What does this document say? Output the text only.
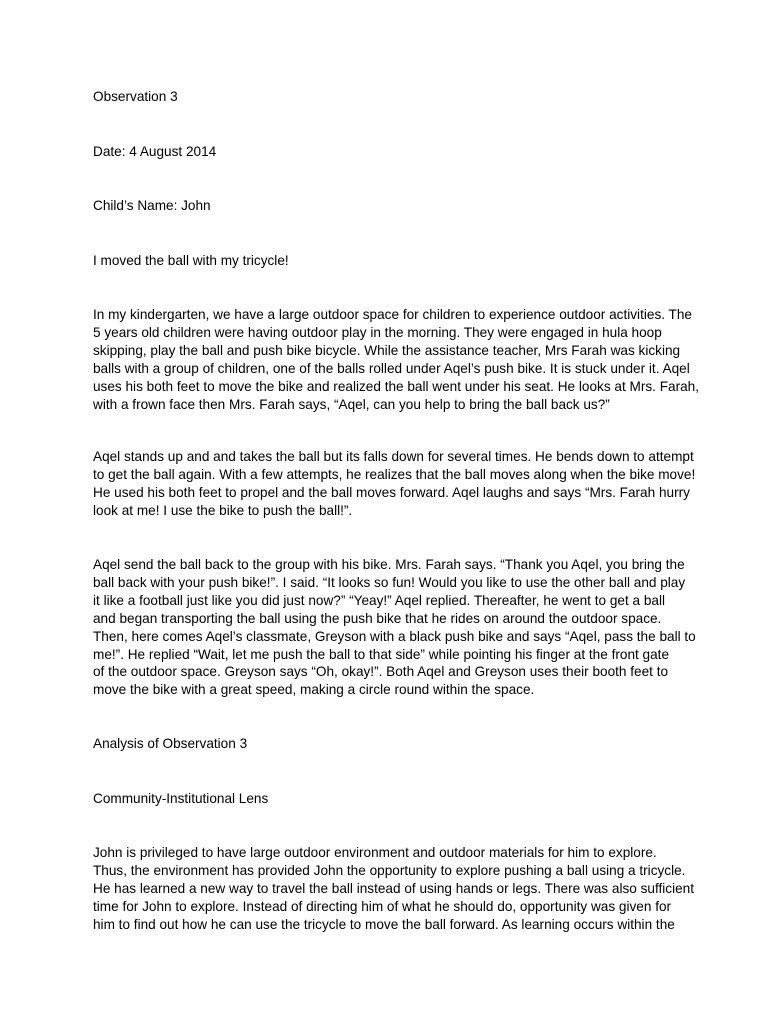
Observation 3

Date: 4 August 2014

Child’s Name: John

I moved the ball with my tricycle!

In my kindergarten, we have a large outdoor space for children to experience outdoor activities. The
5 years old children were having outdoor play in the morning. They were engaged in hula hoop
skipping, play the ball and push bike bicycle. While the assistance teacher, Mrs Farah was kicking
balls with a group of children, one of the balls rolled under Aqel’s push bike. It is stuck under it. Aqel
uses his both feet to move the bike and realized the ball went under his seat. He looks at Mrs. Farah,
with a frown face then Mrs. Farah says, “Aqel, can you help to bring the ball back us?”
Aqel stands up and and takes the ball but its falls down for several times. He bends down to attempt
to get the ball again. With a few attempts, he realizes that the ball moves along when the bike move!
He used his both feet to propel and the ball moves forward. Aqel laughs and says “Mrs. Farah hurry
look at me! I use the bike to push the ball!”.
Aqel send the ball back to the group with his bike. Mrs. Farah says. “Thank you Aqel, you bring the
ball back with your push bike!”. I said. “It looks so fun! Would you like to use the other ball and play
it like a football just like you did just now?” “Yeay!” Aqel replied. Thereafter, he went to get a ball
and began transporting the ball using the push bike that he rides on around the outdoor space.
Then, here comes Aqel’s classmate, Greyson with a black push bike and says “Aqel, pass the ball to
me!”. He replied “Wait, let me push the ball to that side” while pointing his finger at the front gate
of the outdoor space. Greyson says “Oh, okay!”. Both Aqel and Greyson uses their booth feet to
move the bike with a great speed, making a circle round within the space.

Analysis of Observation 3

Community-Institutional Lens

John is privileged to have large outdoor environment and outdoor materials for him to explore.
Thus, the environment has provided John the opportunity to explore pushing a ball using a tricycle.
He has learned a new way to travel the ball instead of using hands or legs. There was also sufficient
time for John to explore. Instead of directing him of what he should do, opportunity was given for
him to find out how he can use the tricycle to move the ball forward. As learning occurs within the
